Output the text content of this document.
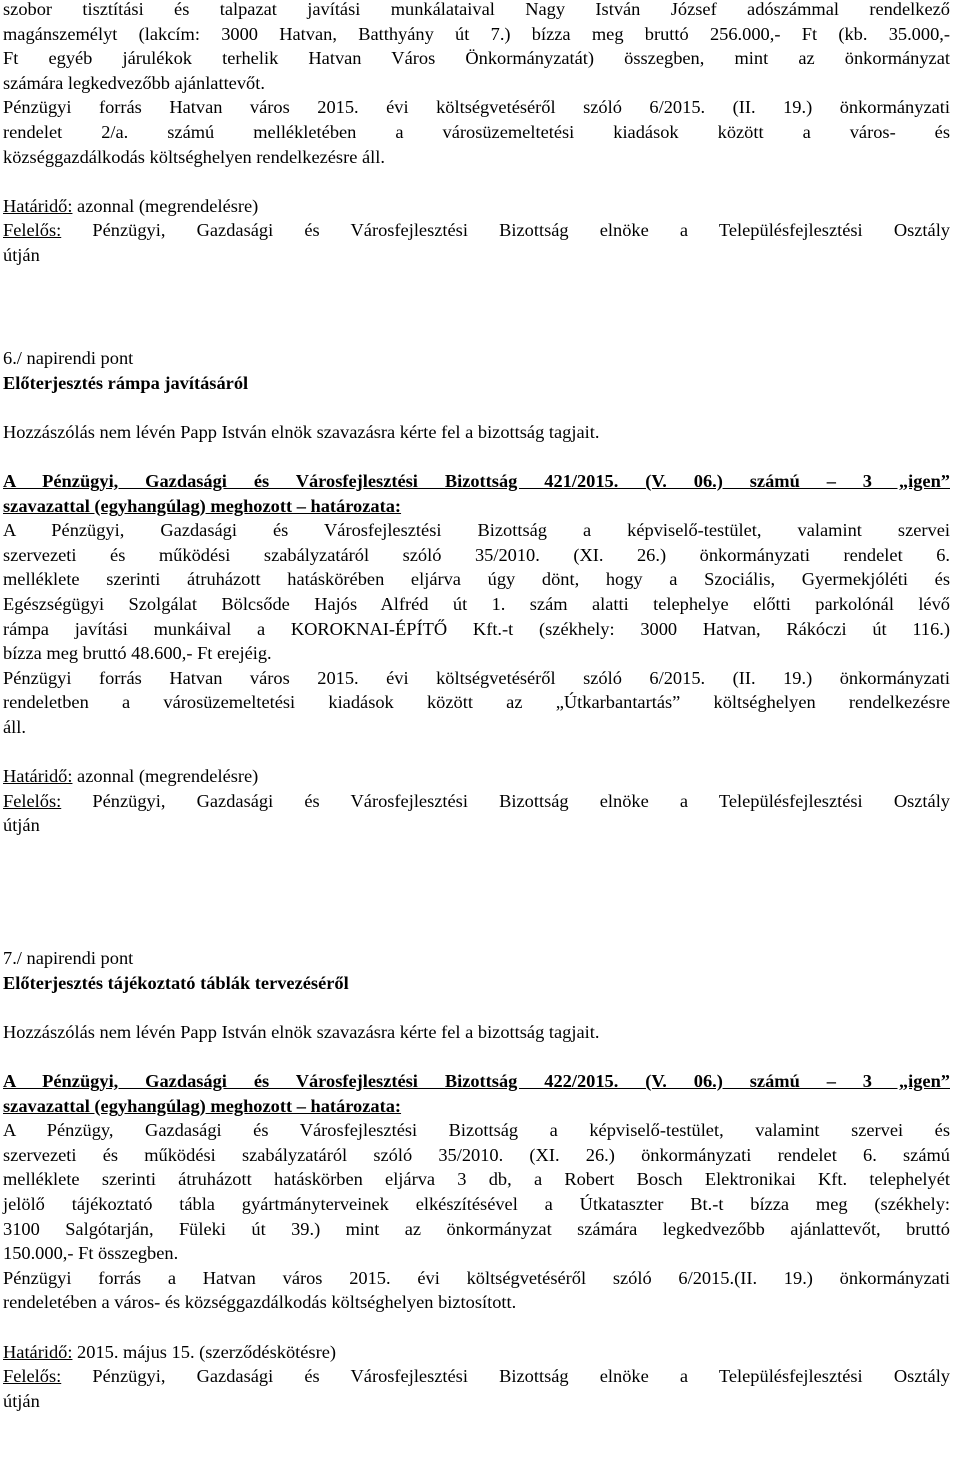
szobor tisztítási és talpazat javítási munkálataival Nagy István József adószámmal rendelkező

magánszemélyt (lakcím: 3000 Hatvan, Batthyány út 7.) bízza meg bruttó 256.000,- Ft (kb. 35.000,-

Ft egyéb járulékok terhelik Hatvan Város Önkormányzatát) összegben, mint az önkormányzat

számára legkedvezőbb ajánlattevőt.

Pénzügyi forrás Hatvan város 2015. évi költségvetéséről szóló 6/2015. (II. 19.) önkormányzati

rendelet 2/a. számú mellékletében a városüzemeltetési kiadások között a város- és

községgazdálkodás költséghelyen rendelkezésre áll.

Határidő: azonnal (megrendelésre)

Felelős: Pénzügyi, Gazdasági és Városfejlesztési Bizottság elnöke a Településfejlesztési Osztály

útján

6./ napirendi pont

Előterjesztés rámpa javításáról

Hozzászólás nem lévén Papp István elnök szavazásra kérte fel a bizottság tagjait.

A Pénzügyi, Gazdasági és Városfejlesztési Bizottság 421/2015. (V. 06.) számú – 3 „igen”

szavazattal (egyhangúlag) meghozott – határozata:

A Pénzügyi, Gazdasági és Városfejlesztési Bizottság a képviselő-testület, valamint szervei

szervezeti és működési szabályzatáról szóló 35/2010. (XI. 26.) önkormányzati rendelet 6.

melléklete szerinti átruházott hatáskörében eljárva úgy dönt, hogy a Szociális, Gyermekjóléti és

Egészségügyi Szolgálat Bölcsőde Hajós Alfréd út 1. szám alatti telephelye előtti parkolónál lévő

rámpa javítási munkáival a KOROKNAI-ÉPÍTŐ Kft.-t (székhely: 3000 Hatvan, Rákóczi út 116.)

bízza meg bruttó 48.600,- Ft erejéig.

Pénzügyi forrás Hatvan város 2015. évi költségvetéséről szóló 6/2015. (II. 19.) önkormányzati

rendeletben a városüzemeltetési kiadások között az „Útkarbantartás” költséghelyen rendelkezésre

áll.

Határidő: azonnal (megrendelésre)

Felelős: Pénzügyi, Gazdasági és Városfejlesztési Bizottság elnöke a Településfejlesztési Osztály

útján

7./ napirendi pont

Előterjesztés tájékoztató táblák tervezéséről

Hozzászólás nem lévén Papp István elnök szavazásra kérte fel a bizottság tagjait.

A Pénzügyi, Gazdasági és Városfejlesztési Bizottság 422/2015. (V. 06.) számú – 3 „igen”

szavazattal (egyhangúlag) meghozott – határozata:

A Pénzügy, Gazdasági és Városfejlesztési Bizottság a képviselő-testület, valamint szervei és

szervezeti és működési szabályzatáról szóló 35/2010. (XI. 26.) önkormányzati rendelet 6. számú

melléklete szerinti átruházott hatáskörben eljárva 3 db, a Robert Bosch Elektronikai Kft. telephelyét

jelölő tájékoztató tábla gyártmányterveinek elkészítésével a Útkataszter Bt.-t bízza meg (székhely:

3100 Salgótarján, Füleki út 39.) mint az önkormányzat számára legkedvezőbb ajánlattevőt, bruttó

150.000,- Ft összegben.

Pénzügyi forrás a Hatvan város 2015. évi költségvetéséről szóló 6/2015.(II. 19.) önkormányzati

rendeletében a város- és községgazdálkodás költséghelyen biztosított.

Határidő: 2015. május 15. (szerződéskötésre)

Felelős: Pénzügyi, Gazdasági és Városfejlesztési Bizottság elnöke a Településfejlesztési Osztály

útján
